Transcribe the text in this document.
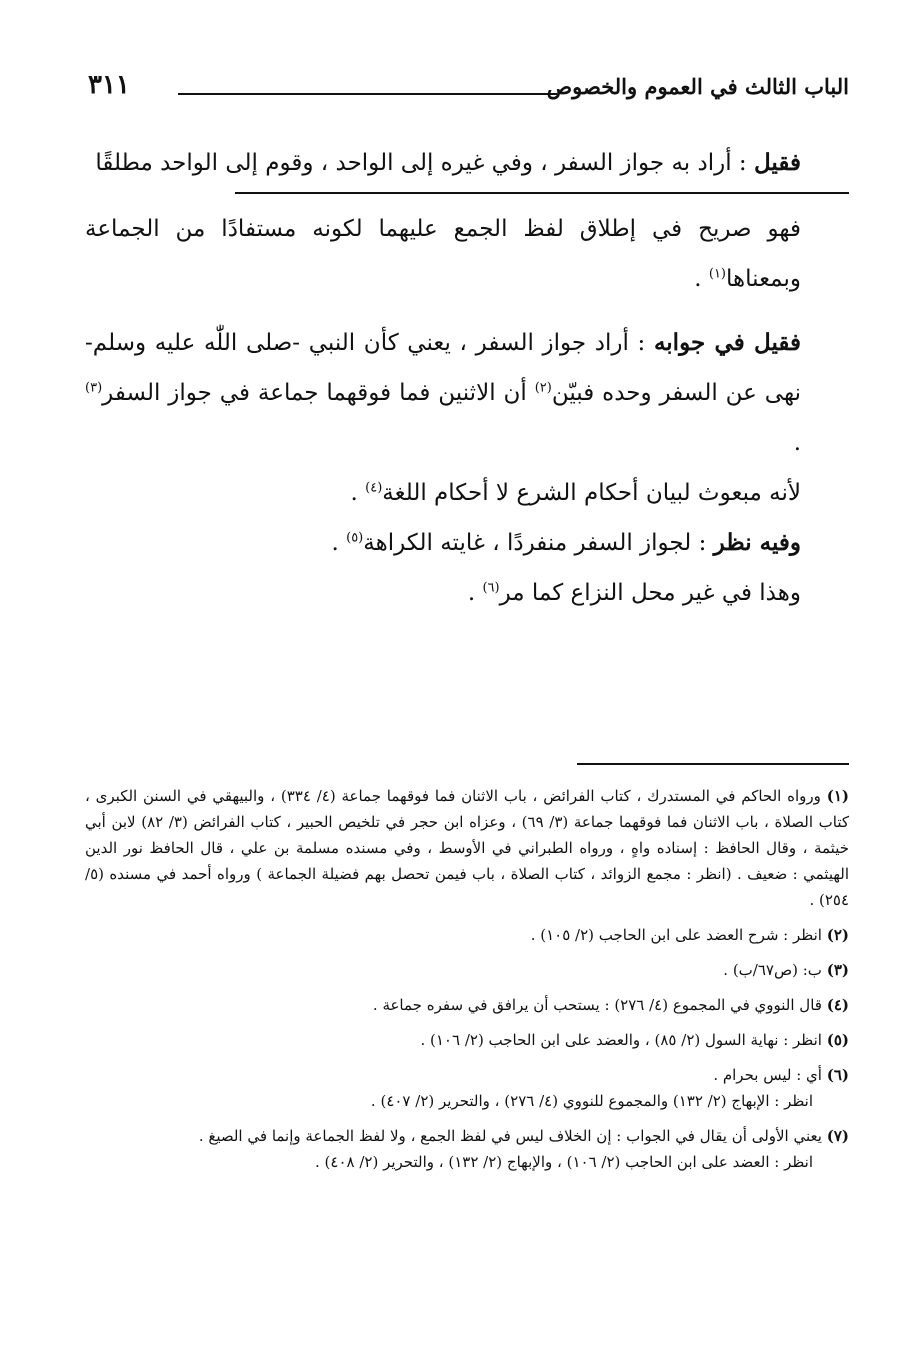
الباب الثالث في العموم والخصوص
٣١١

فقيل : أراد به جواز السفر ، وفي غيره إلى الواحد ، وقوم إلى الواحد مطلقًا

فهو صريح في إطلاق لفظ الجمع عليهما لكونه مستفادًا من الجماعة وبمعناها$^{(١)}$ .

فقيل في جوابه : أراد جواز السفر ، يعني كأن النبي -صلى اللّٰه عليه وسلم- نهى عن السفر وحده فبيّن$^{(٢)}$ أن الاثنين فما فوقهما جماعة في جواز السفر$^{(٣)}$ .

لأنه مبعوث لبيان أحكام الشرع لا أحكام اللغة$^{(٤)}$ .

وفيه نظر : لجواز السفر منفردًا ، غايته الكراهة$^{(٥)}$ .

وهذا في غير محل النزاع كما مر$^{(٦)}$ .

(١) ورواه الحاكم في المستدرك ، كتاب الفرائض ، باب الاثنان فما فوقهما جماعة (٤/ ٣٣٤) ، والبيهقي في السنن الكبرى ، كتاب الصلاة ، باب الاثنان فما فوقهما جماعة (٣/ ٦٩) ، وعزاه ابن حجر في تلخيص الحبير ، كتاب الفرائض (٣/ ٨٢) لابن أبي خيثمة ، وقال الحافظ : إسناده واهٍ ، ورواه الطبراني في الأوسط ، وفي مسنده مسلمة بن علي ، قال الحافظ نور الدين الهيثمي : ضعيف . (انظر : مجمع الزوائد ، كتاب الصلاة ، باب فيمن تحصل بهم فضيلة الجماعة ) ورواه أحمد في مسنده (٥/ ٢٥٤) .

(٢) انظر : شرح العضد على ابن الحاجب (٢/ ١٠٥) .

(٣) ب: (ص٦٧/ب) .

(٤) قال النووي في المجموع (٤/ ٢٧٦) : يستحب أن يرافق في سفره جماعة .

(٥) انظر : نهاية السول (٢/ ٨٥) ، والعضد على ابن الحاجب (٢/ ١٠٦) .

(٦) أي : ليس بحرام .

انظر : الإبهاج (٢/ ١٣٢) والمجموع للنووي (٤/ ٢٧٦) ، والتحرير (٢/ ٤٠٧) .

(٧) يعني الأولى أن يقال في الجواب : إن الخلاف ليس في لفظ الجمع ، ولا لفظ الجماعة وإنما في الصيغ .

انظر : العضد على ابن الحاجب (٢/ ١٠٦) ، والإبهاج (٢/ ١٣٢) ، والتحرير (٢/ ٤٠٨) .
